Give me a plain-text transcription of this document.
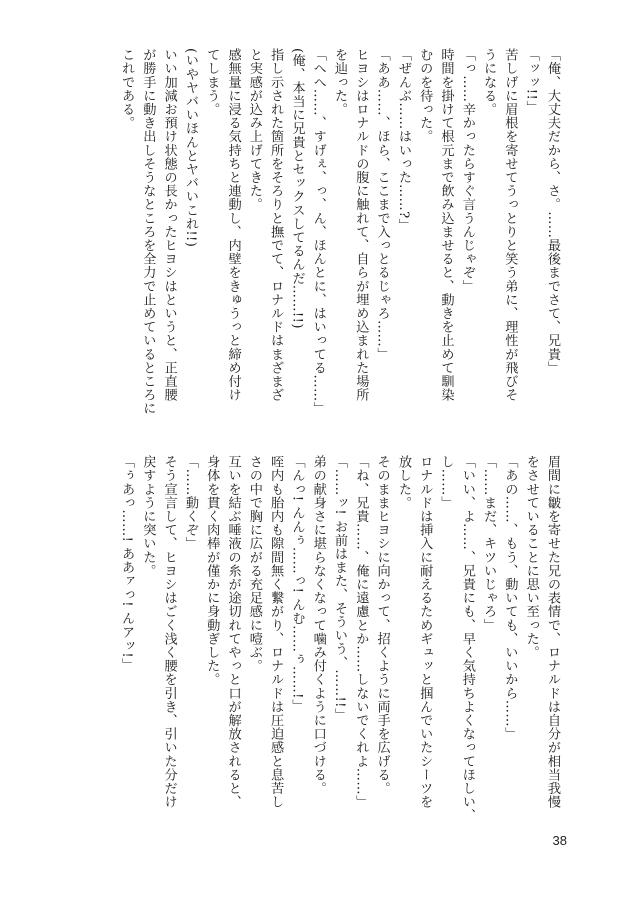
「俺、大丈夫だから、さ。……最後までさて、兄貴」
「ッッ!!」
苦しげに眉根を寄せてうっとりと笑う弟に、理性が飛びそ
うになる。
「っ……辛かったらすぐ言うんじゃぞ」
時間を掛けて根元まで飲み込ませると、動きを止めて馴染
むのを待った。
「ぜんぶ……はいった……?」
「ああ……、ほら、ここまで入っとるじゃろ……」
ヒヨシはロナルドの腹に触れて、自らが埋め込まれた場所
を辿った。
「へへ……、すげぇ、っ、ん、ほんとに、はいってる……」
(俺、本当に兄貴とセックスしてるんだ……!!)
指し示された箇所をそろりと撫でて、ロナルドはまざまざ
と実感が込み上げてきた。
感無量に浸る気持ちと連動し、内壁をきゅうっと締め付け
てしまう。
(いやヤバいほんとヤバいこれ!!)
いい加減お預け状態の長かったヒヨシはというと、正直腰
が勝手に動き出しそうなところを全力で止めているところに
これである。
眉間に皺を寄せた兄の表情で、ロナルドは自分が相当我慢
をさせていることに思い至った。
「あの……、もう、動いても、いいから……」
「……まだ、キツいじゃろ」
「いい、よ……、兄貴にも、早く気持ちよくなってほしい、
し……」
ロナルドは挿入に耐えるためギュッと掴んでいたシーツを
放した。
そのままヒヨシに向かって、招くように両手を広げる。
「ね、兄貴……、俺に遠慮とか……しないでくれよ……」
「……ッ! お前はまた、そういう、……!!」
弟の献身さに堪らなくなって噛み付くように口づける。
「んっ! んんぅ……っ! んむ……ぅ……!」
咥内も胎内も隙間無く繋がり、ロナルドは圧迫感と息苦し
さの中で胸に広がる充足感に噎ぶ。
互いを結ぶ唾液の糸が途切れてやっと口が解放されると、
身体を貫く肉棒が僅かに身動ぎした。
「……動くぞ」
そう宣言して、ヒヨシはごく浅く腰を引き、引いた分だけ
戻すように突いた。
「ぅあっ……! ああァっ! んアッ!」
38
